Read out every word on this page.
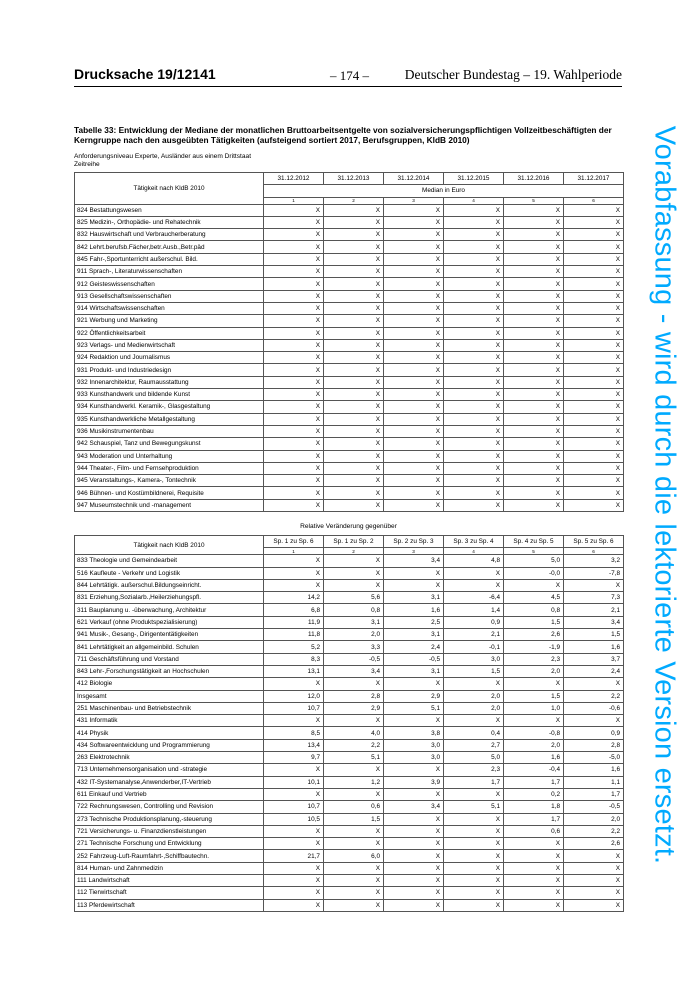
Drucksache 19/12141	– 174 –	Deutscher Bundestag – 19. Wahlperiode
Tabelle 33: Entwicklung der Mediane der monatlichen Bruttoarbeitsentgelte von sozialversicherungspflichtigen Vollzeitbeschäftigten der Kerngruppe nach den ausgeübten Tätigkeiten (aufsteigend sortiert 2017, Berufsgruppen, KldB 2010)
Anforderungsniveau Experte, Ausländer aus einem Drittstaat
Zeitreihe
Tätigkeit nach KldB 2010	31.12.2012	31.12.2013	31.12.2014	31.12.2015	31.12.2016	31.12.2017
	Median in Euro					
	1	2	3	4	5	6
824 Bestattungswesen	X	X	X	X	X	X
825 Medizin-, Orthopädie- und Rehatechnik	X	X	X	X	X	X
832 Hauswirtschaft und Verbraucherberatung	X	X	X	X	X	X
842 Lehrt.berufsb.Fächer,betr.Ausb.,Betr.päd	X	X	X	X	X	X
845 Fahr-,Sportunterricht außerschul. Bild.	X	X	X	X	X	X
911 Sprach-, Literaturwissenschaften	X	X	X	X	X	X
912 Geisteswissenschaften	X	X	X	X	X	X
913 Gesellschaftswissenschaften	X	X	X	X	X	X
914 Wirtschaftswissenschaften	X	X	X	X	X	X
921 Werbung und Marketing	X	X	X	X	X	X
922 Öffentlichkeitsarbeit	X	X	X	X	X	X
923 Verlags- und Medienwirtschaft	X	X	X	X	X	X
924 Redaktion und Journalismus	X	X	X	X	X	X
931 Produkt- und Industriedesign	X	X	X	X	X	X
932 Innenarchitektur, Raumausstattung	X	X	X	X	X	X
933 Kunsthandwerk und bildende Kunst	X	X	X	X	X	X
934 Kunsthandwerkl. Keramik-, Glasgestaltung	X	X	X	X	X	X
935 Kunsthandwerkliche Metallgestaltung	X	X	X	X	X	X
936 Musikinstrumentenbau	X	X	X	X	X	X
942 Schauspiel, Tanz und Bewegungskunst	X	X	X	X	X	X
943 Moderation und Unterhaltung	X	X	X	X	X	X
944 Theater-, Film- und Fernsehproduktion	X	X	X	X	X	X
945 Veranstaltungs-, Kamera-, Tontechnik	X	X	X	X	X	X
946 Bühnen- und Kostümbildnerei, Requisite	X	X	X	X	X	X
947 Museumstechnik und -management	X	X	X	X	X	X
Relative Veränderung gegenüber
Tätigkeit nach KldB 2010	Sp. 1 zu Sp. 6	Sp. 1 zu Sp. 2	Sp. 2 zu Sp. 3	Sp. 3 zu Sp. 4	Sp. 4 zu Sp. 5	Sp. 5 zu Sp. 6
	1	2	3	4	5	6
833 Theologie und Gemeindearbeit	X	X	3,4	4,8	5,0	3,2
516 Kaufleute - Verkehr und Logistik	X	X	X	X	-0,0	-7,8
844 Lehrtätigk. außerschul.Bildungseinricht.	X	X	X	X	X	X
831 Erziehung,Sozialarb.,Heilerziehungspfl.	14,2	5,6	3,1	-6,4	4,5	7,3
311 Bauplanung u. -überwachung, Architektur	6,8	0,8	1,6	1,4	0,8	2,1
621 Verkauf (ohne Produktspezialisierung)	11,9	3,1	2,5	0,9	1,5	3,4
941 Musik-, Gesang-, Dirigententätigkeiten	11,8	2,0	3,1	2,1	2,6	1,5
841 Lehrtätigkeit an allgemeinbild. Schulen	5,2	3,3	2,4	-0,1	-1,9	1,6
711 Geschäftsführung und Vorstand	8,3	-0,5	-0,5	3,0	2,3	3,7
843 Lehr-,Forschungstätigkeit an Hochschulen	13,1	3,4	3,1	1,5	2,0	2,4
412 Biologie	X	X	X	X	X	X
Insgesamt	12,0	2,8	2,9	2,0	1,5	2,2
251 Maschinenbau- und Betriebstechnik	10,7	2,9	5,1	2,0	1,0	-0,6
431 Informatik	X	X	X	X	X	X
414 Physik	8,5	4,0	3,8	0,4	-0,8	0,9
434 Softwareentwicklung und Programmierung	13,4	2,2	3,0	2,7	2,0	2,8
263 Elektrotechnik	9,7	5,1	3,0	5,0	1,6	-5,0
713 Unternehmensorganisation und -strategie	X	X	X	2,3	-0,4	1,6
432 IT-Systemanalyse,Anwenderber,IT-Vertrieb	10,1	1,2	3,9	1,7	1,7	1,1
611 Einkauf und Vertrieb	X	X	X	X	0,2	1,7
722 Rechnungswesen, Controlling und Revision	10,7	0,6	3,4	5,1	1,8	-0,5
273 Technische Produktionsplanung,-steuerung	10,5	1,5	X	X	1,7	2,0
721 Versicherungs- u. Finanzdienstleistungen	X	X	X	X	0,6	2,2
271 Technische Forschung und Entwicklung	X	X	X	X	X	2,6
252 Fahrzeug-Luft-Raumfahrt-,Schiffbautechn.	21,7	6,0	X	X	X	X
814 Human- und Zahnmedizin	X	X	X	X	X	X
111 Landwirtschaft	X	X	X	X	X	X
112 Tierwirtschaft	X	X	X	X	X	X
113 Pferdewirtschaft	X	X	X	X	X	X
Vorabfassung - wird durch die lektorierte Version ersetzt.
